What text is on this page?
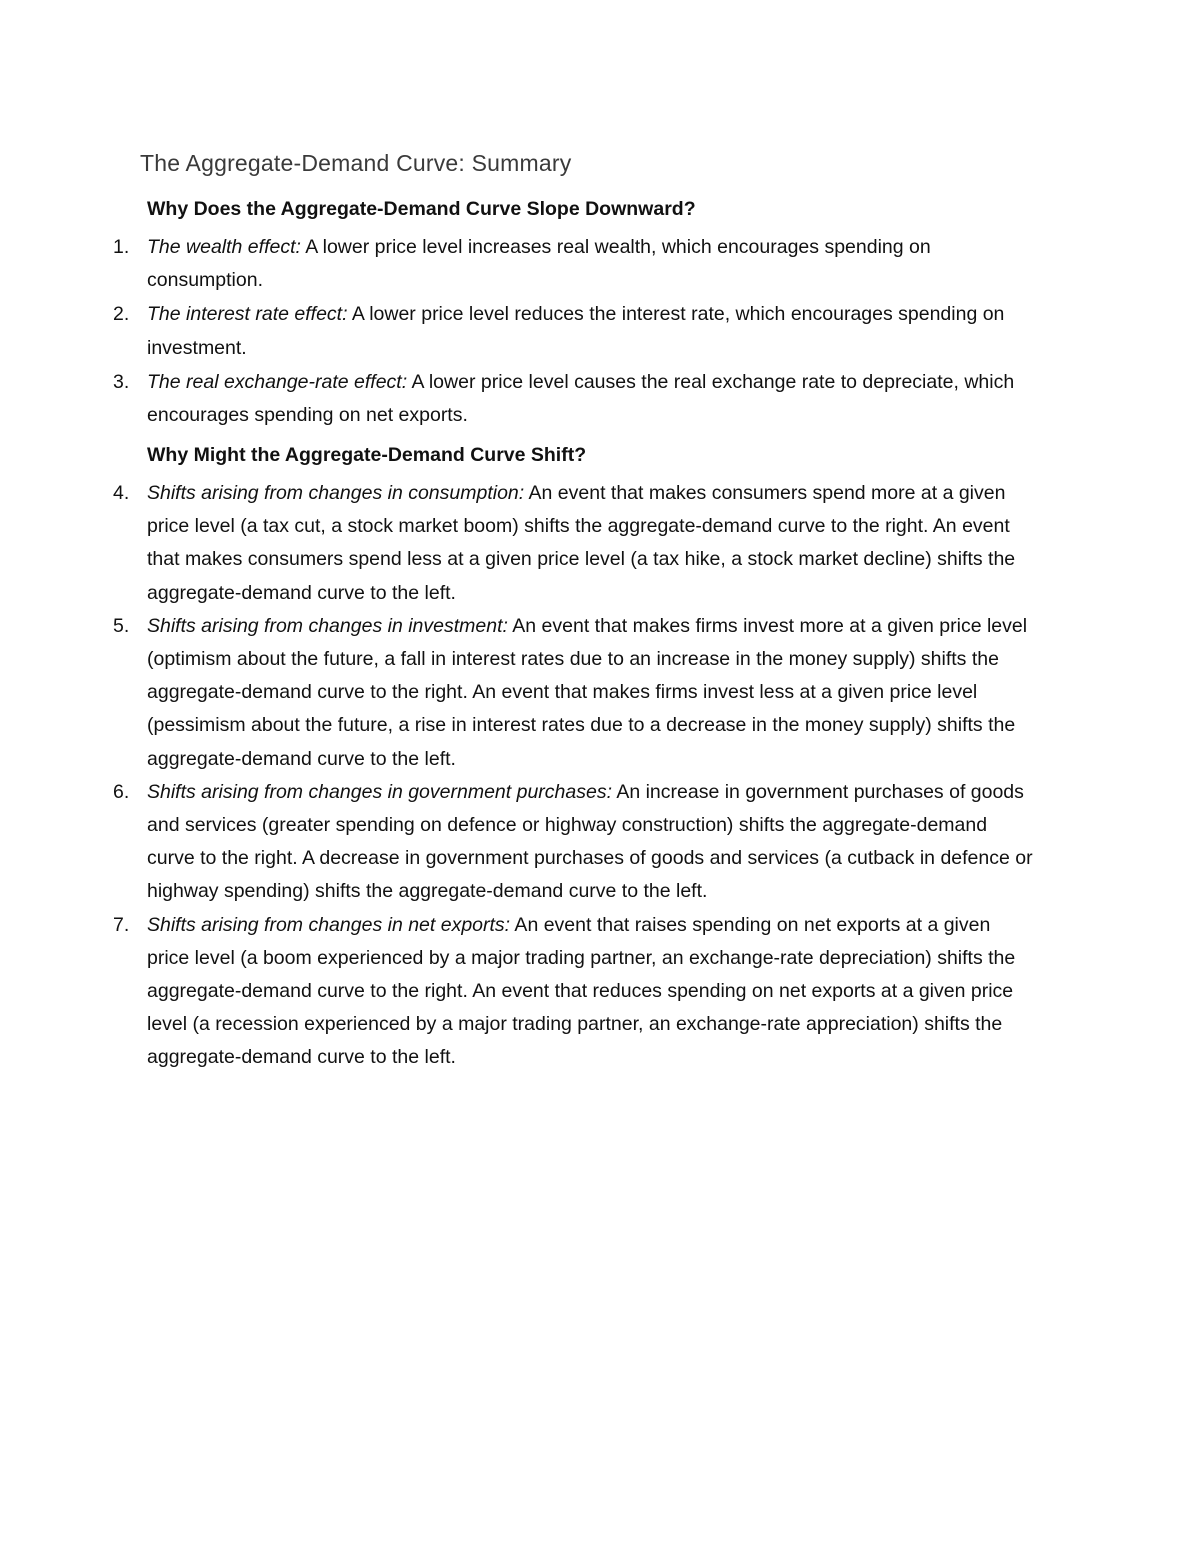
The Aggregate-Demand Curve: Summary
Why Does the Aggregate-Demand Curve Slope Downward?
1. The wealth effect: A lower price level increases real wealth, which encourages spending on consumption.
2. The interest rate effect: A lower price level reduces the interest rate, which encourages spending on investment.
3. The real exchange-rate effect: A lower price level causes the real exchange rate to depreciate, which encourages spending on net exports.
Why Might the Aggregate-Demand Curve Shift?
4. Shifts arising from changes in consumption: An event that makes consumers spend more at a given price level (a tax cut, a stock market boom) shifts the aggregate-demand curve to the right. An event that makes consumers spend less at a given price level (a tax hike, a stock market decline) shifts the aggregate-demand curve to the left.
5. Shifts arising from changes in investment: An event that makes firms invest more at a given price level (optimism about the future, a fall in interest rates due to an increase in the money supply) shifts the aggregate-demand curve to the right. An event that makes firms invest less at a given price level (pessimism about the future, a rise in interest rates due to a decrease in the money supply) shifts the aggregate-demand curve to the left.
6. Shifts arising from changes in government purchases: An increase in government purchases of goods and services (greater spending on defence or highway construction) shifts the aggregate-demand curve to the right. A decrease in government purchases of goods and services (a cutback in defence or highway spending) shifts the aggregate-demand curve to the left.
7. Shifts arising from changes in net exports: An event that raises spending on net exports at a given price level (a boom experienced by a major trading partner, an exchange-rate depreciation) shifts the aggregate-demand curve to the right. An event that reduces spending on net exports at a given price level (a recession experienced by a major trading partner, an exchange-rate appreciation) shifts the aggregate-demand curve to the left.
